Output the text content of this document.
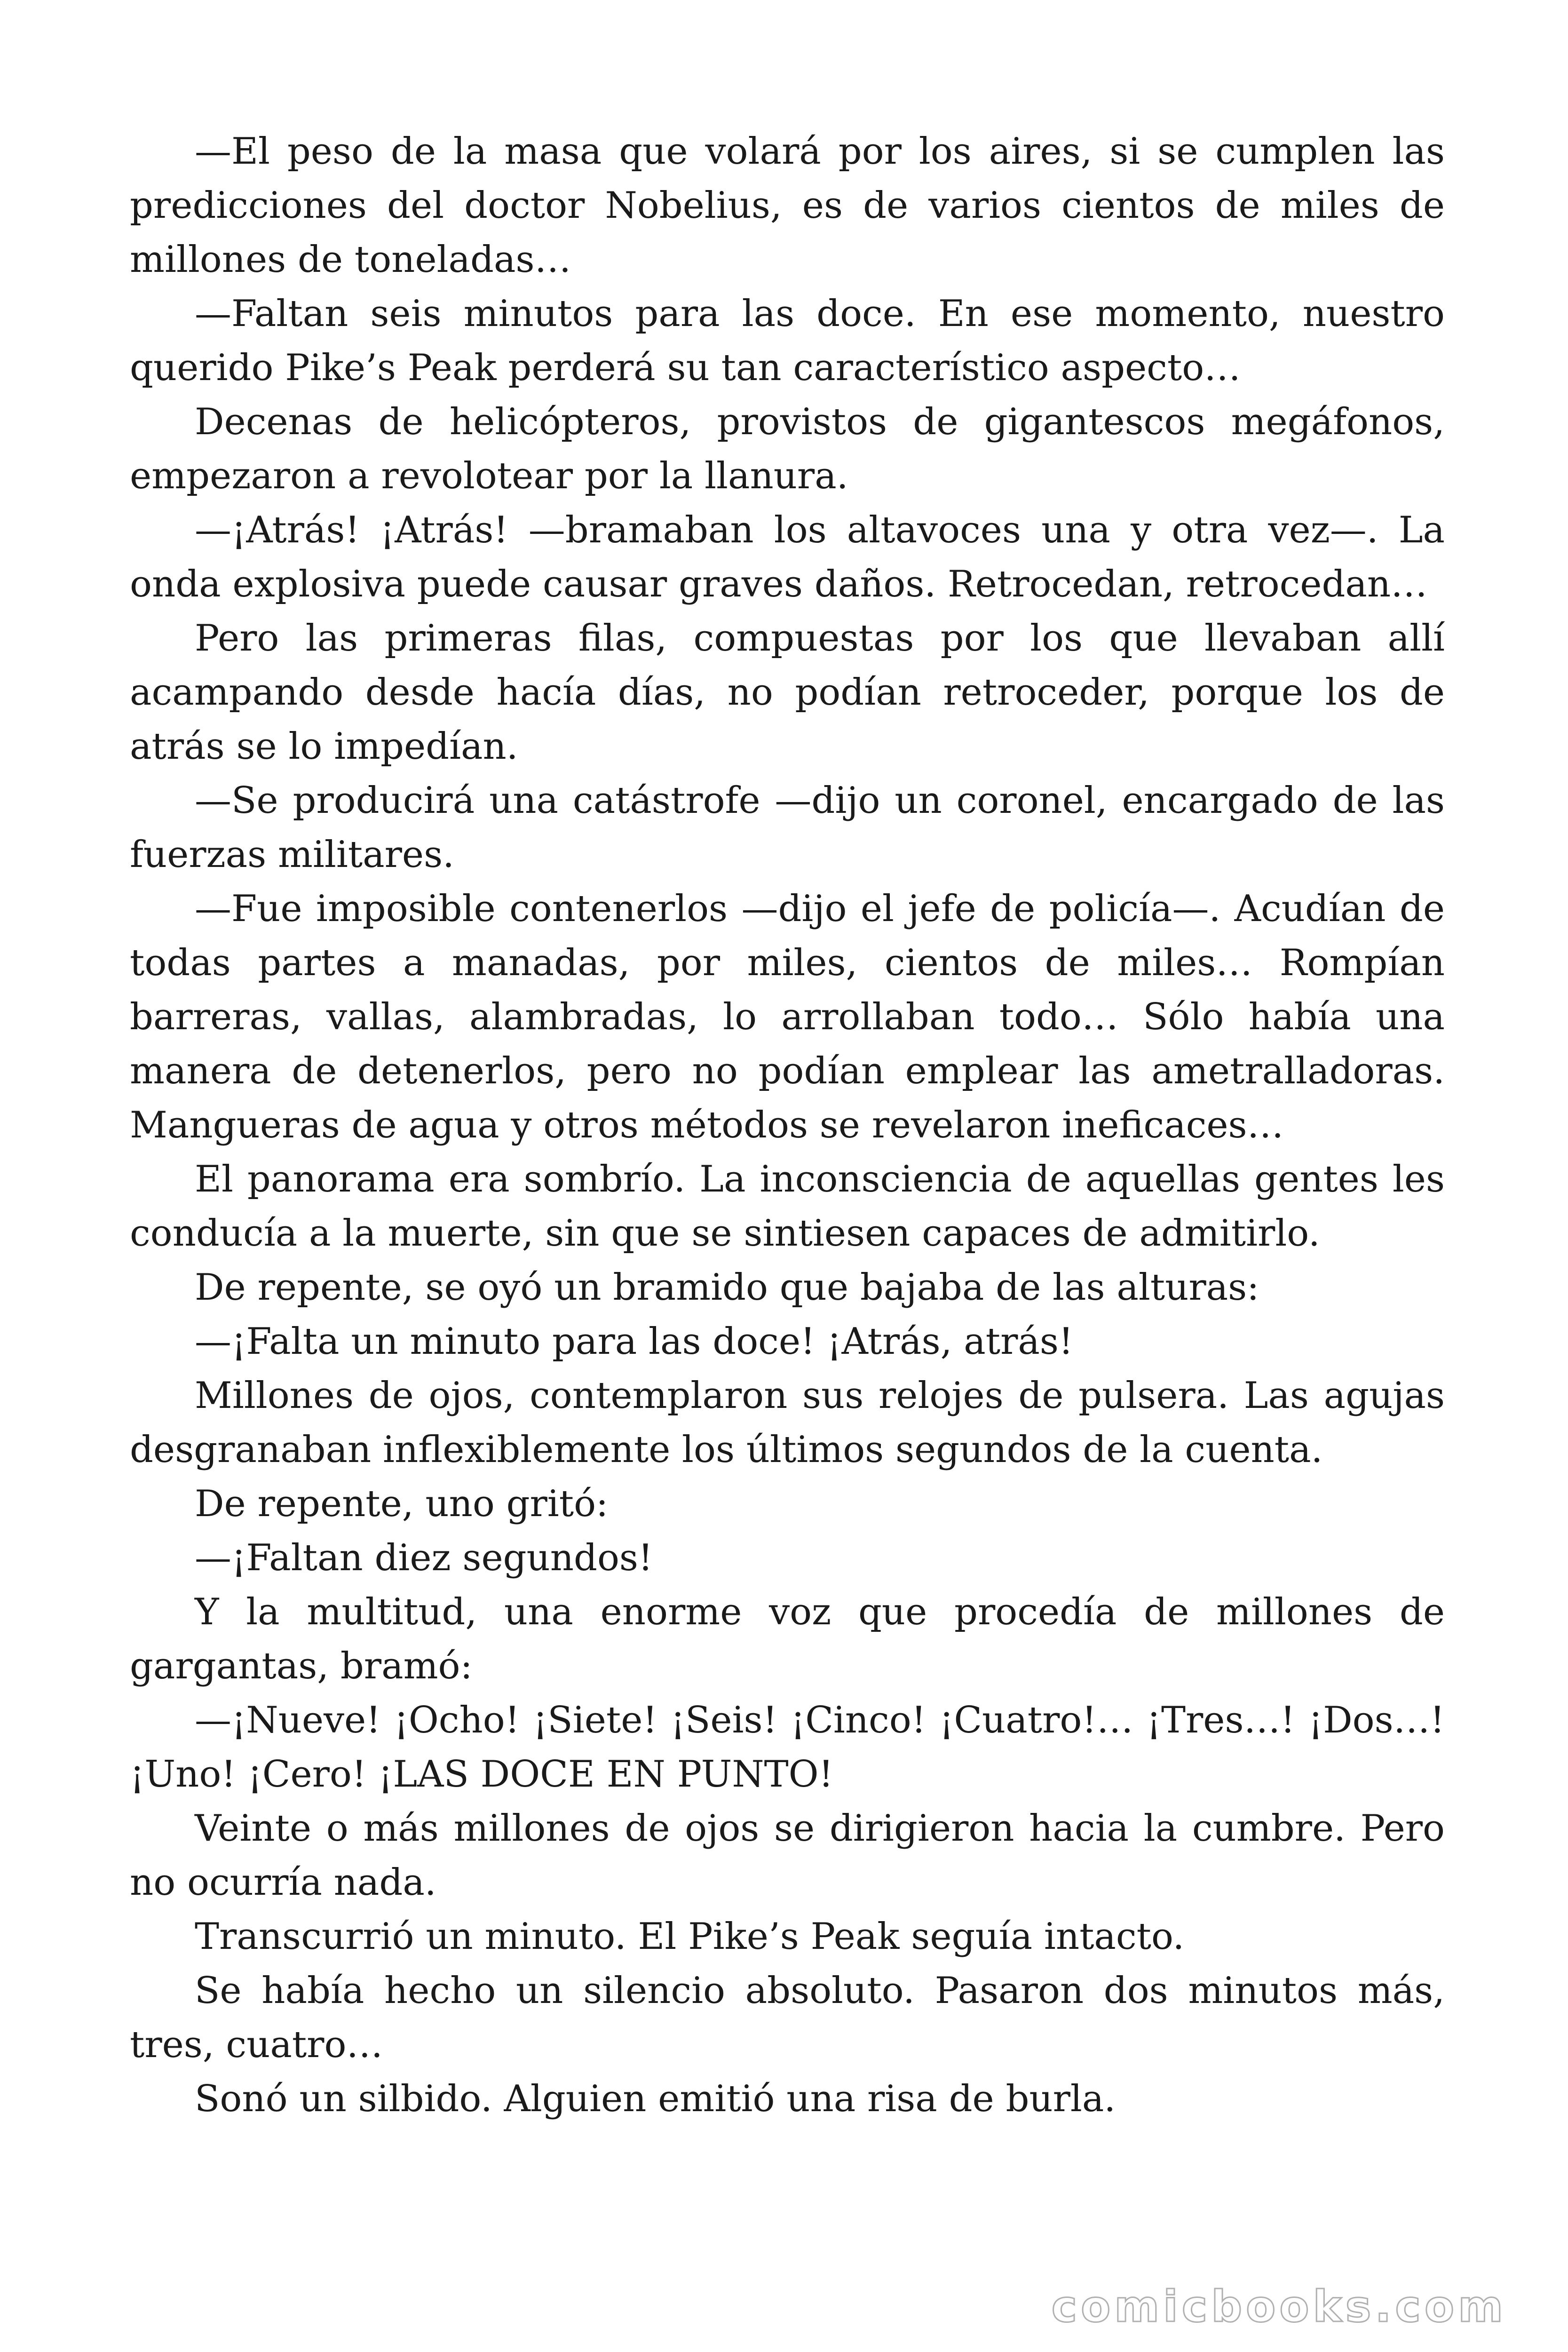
—El peso de la masa que volará por los aires, si se cumplen las predicciones del doctor Nobelius, es de varios cientos de miles de millones de toneladas…

—Faltan seis minutos para las doce. En ese momento, nuestro querido Pike’s Peak perderá su tan característico aspecto…

Decenas de helicópteros, provistos de gigantescos megáfonos, empezaron a revolotear por la llanura.

—¡Atrás! ¡Atrás! —bramaban los altavoces una y otra vez—. La onda explosiva puede causar graves daños. Retrocedan, retrocedan…

Pero las primeras filas, compuestas por los que llevaban allí acampando desde hacía días, no podían retroceder, porque los de atrás se lo impedían.

—Se producirá una catástrofe —dijo un coronel, encargado de las fuerzas militares.

—Fue imposible contenerlos —dijo el jefe de policía—. Acudían de todas partes a manadas, por miles, cientos de miles… Rompían barreras, vallas, alambradas, lo arrollaban todo… Sólo había una manera de detenerlos, pero no podían emplear las ametralladoras. Mangueras de agua y otros métodos se revelaron ineficaces…

El panorama era sombrío. La inconsciencia de aquellas gentes les conducía a la muerte, sin que se sintiesen capaces de admitirlo.

De repente, se oyó un bramido que bajaba de las alturas:

—¡Falta un minuto para las doce! ¡Atrás, atrás!

Millones de ojos, contemplaron sus relojes de pulsera. Las agujas desgranaban inflexiblemente los últimos segundos de la cuenta.

De repente, uno gritó:

—¡Faltan diez segundos!

Y la multitud, una enorme voz que procedía de millones de gargantas, bramó:

—¡Nueve! ¡Ocho! ¡Siete! ¡Seis! ¡Cinco! ¡Cuatro!… ¡Tres…! ¡Dos…! ¡Uno! ¡Cero! ¡LAS DOCE EN PUNTO!

Veinte o más millones de ojos se dirigieron hacia la cumbre. Pero no ocurría nada.

Transcurrió un minuto. El Pike’s Peak seguía intacto.

Se había hecho un silencio absoluto. Pasaron dos minutos más, tres, cuatro…

Sonó un silbido. Alguien emitió una risa de burla.

comicbooks.com
